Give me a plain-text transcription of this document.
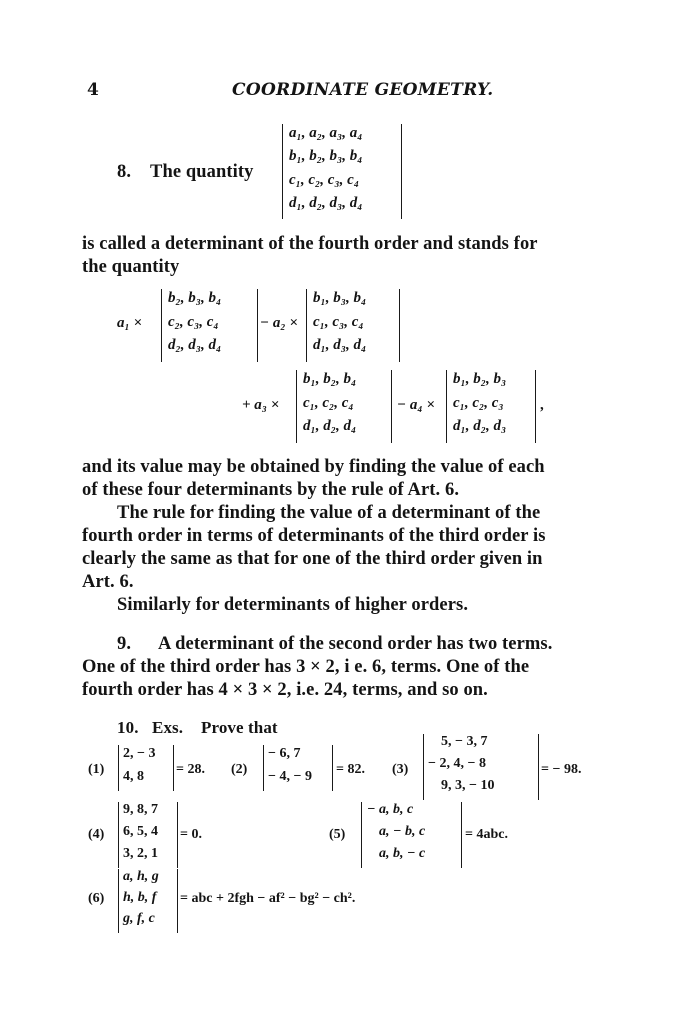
4	COORDINATE GEOMETRY.
8. The quantity
a₁, a₂, a₃, a₄
b₁, b₂, b₃, b₄
c₁, c₂, c₃, c₄
d₁, d₂, d₃, d₄
is called a determinant of the fourth order and stands for
the quantity
a₁ ×
b₂, b₃, b₄
c₂, c₃, c₄
d₂, d₃, d₄
− a₂ ×
b₁, b₃, b₄
c₁, c₃, c₄
d₁, d₃, d₄
+ a₃ ×
b₁, b₂, b₄
c₁, c₂, c₄
d₁, d₂, d₄
− a₄ ×
b₁, b₂, b₃
c₁, c₂, c₃
d₁, d₂, d₃
,
and its value may be obtained by finding the value of each
of these four determinants by the rule of Art. 6.
The rule for finding the value of a determinant of the
fourth order in terms of determinants of the third order is
clearly the same as that for one of the third order given in
Art. 6.
Similarly for determinants of higher orders.
9. A determinant of the second order has two terms.
One of the third order has 3 × 2, i e. 6, terms. One of the
fourth order has 4 × 3 × 2, i.e. 24, terms, and so on.
10. Exs. Prove that
(1)
2, − 3
4, 8 = 28. (2)
− 6, 7
− 4, − 9 = 82. (3)
5, − 3, 7
− 2, 4, − 8
9, 3, − 10
= − 98.
(4)
9, 8, 7
6, 5, 4
3, 2, 1
= 0.	(5)
− a, b, c
a, − b, c
a, b, − c
= 4abc.
(6)
a, h, g
h, b, f
g, f, c
= abc + 2fgh − af² − bg² − ch².
